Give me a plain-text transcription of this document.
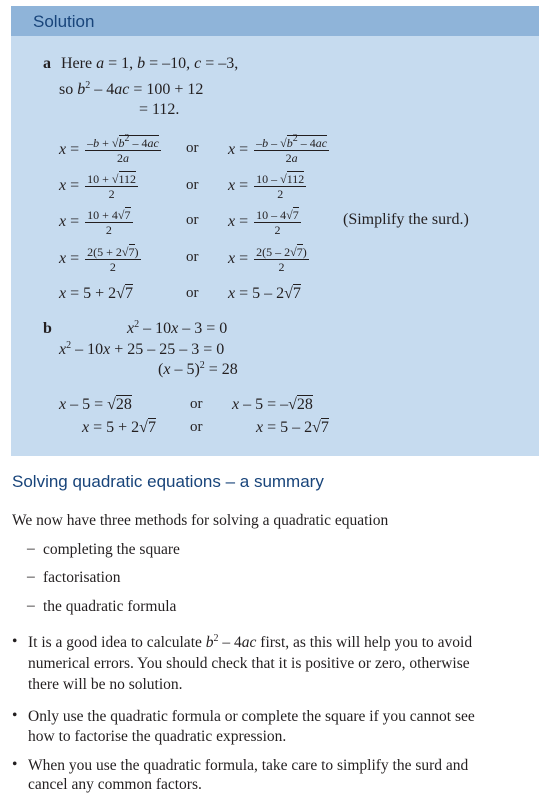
Solution
a Here a = 1, b = –10, c = –3,
so $b^2 - 4ac = 100 + 12$
= 112.
$x = \frac{-b + √b^2 - 4ac}{2a}$ or $x = \frac{-b - √b^2 - 4ac}{2a}$
$x = \frac{10 + √112}{2}$	or $x = \frac{10 - √112}{2}$
$x = \frac{10 + 4√7}{2}$	or $x = \frac{10 - 4√7}{2}$	(Simplify the surd.)
$x = \frac{2(5 + 2√7)}{2}$	or $x = \frac{2(5 - 2√7)}{2}$
x = 5 + 2√7	or x = 5 – 2√7
b	$x^2 - 10x - 3 = 0$
$x^2 - 10x + 25 - 25 - 3 = 0$
(x – 5)$^2$ = 28
x – 5 = √28	or x – 5 = –√28
x = 5 + 2√7 or	x = 5 – 2√7
Solving quadratic equations – a summary
We now have three methods for solving a quadratic equation
– completing the square
– factorisation
– the quadratic formula
• It is a good idea to calculate $b^2 - 4ac$ first, as this will help you to avoid
numerical errors. You should check that it is positive or zero, otherwise
there will be no solution.
• Only use the quadratic formula or complete the square if you cannot see
how to factorise the quadratic expression.
• When you use the quadratic formula, take care to simplify the surd and
cancel any common factors.
